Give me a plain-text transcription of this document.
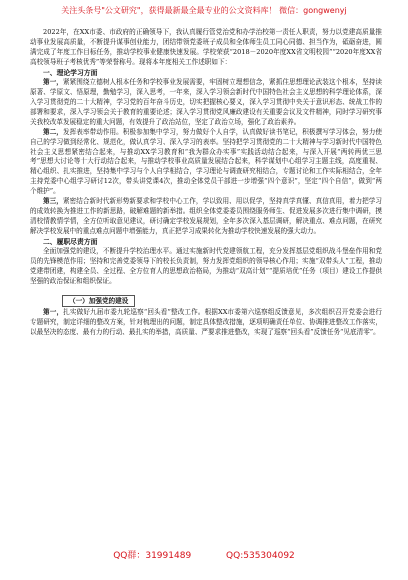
关注头条号"公文研究"，获得最新最全最专业的公文资料库！ 微信：gongwenyj

2022年，在XX市委、市政府的正确领导下，我认真履行管党治党和办学治校第一责任人职责，努力以党建高质量推动事业发展高质量，不断提升谋事创业能力，团结带领党委班子成员和全体师生员工同心同德、担当作为，砥砺奋进，圆满完成了年度工作目标任务，推动学校事业健康快速发展。学校荣获“2018－2020年度XX省文明校园”“2020年度XX省高校领导班子考核优秀”等荣誉称号。现将本年度相关工作述职如下：

一、理论学习方面

第一，紧紧围绕立德树人根本任务和学校事业发展需要，牢固树立理想信念，紧抓住思想理论武装这个根本，坚持读原著、学原文、悟原理，勤勉学习，深入思考，一年来，深入学习领会新时代中国特色社会主义思想的科学理论体系，深入学习贯彻党的二十大精神，学习党的百年奋斗历史，切实把握核心要义，深入学习贯彻中央关于意识形态、统战工作的部署和要求，深入学习领会关于教育的重要论述；深入学习贯彻党风廉政建设有关重要会议及文件精神，同时学习研究事关我校改革发展稳定的重大问题，有效提升了政治站位，坚定了政治立场，强化了政治素养。

第二，发挥表率带动作用。积极参加集中学习，努力做好个人自学，认真做好读书笔记，积极撰写学习体会，努力使自己的学习做到经常化、规范化，做认真学习、深入学习的表率。坚持把学习贯彻党的二十大精神与学习新时代中国特色社会主义思想紧密结合起来，与推动XX学习教育和“我为群众办实事”实践活动结合起来，与深入开展“两转两优三思考”思想大讨论等十大行动结合起来，与推动学校事业高质量发展结合起来，科学谋划中心组学习主题主线，高度重视、精心组织、扎实推进，坚持集中学习与个人自学相结合，学习理论与调查研究相结合，专题讨论和工作实际相结合，全年主持党委中心组学习研讨12次，带头讲党课4次，推动全体党员干部进一步增强“四个意识”，坚定“四个自信”，做到“两个维护”。

第三，紧密结合新时代新形势新要求和学校中心工作，学以致用、用以促学，坚持真学真懂、真信真用，着力把学习的成效转换为推进工作的新思路，破解难题的新举措。组织全体党委委员围绕服务师生、促进发展多次进行集中调研，摸清校情教情学情，全方位听取意见建议，研讨确定学校发展规划，全年多次深入基层调研，解决重点、难点问题，在研究解决学校发展中的重点难点问题中增强能力，真正把学习成果转化为推动学校快速发展的强大动力。

二、履职尽责方面

全面加强党的建设，不断提升学校治理水平。通过实施新时代党建领航工程，充分发挥基层党组织战斗堡垒作用和党员的先锋模范作用；坚持和完善党委领导下的校长负责制，努力发挥党组织的领导核心作用；实施“双带头人”工程，推动党建带团建，构建全员、全过程、全方位育人的思想政治格局，为推动“双高计划”“提质培优”任务（项目）建设工作提供坚强的政治保证和组织保证。

（一）加强党的建设

第一，扎实做好九届市委九轮巡察“回头看”整改工作。根据XX市委第六巡察组反馈意见，多次组织召开党委会进行专题研究，制定详细的整改方案，针对梳理出的问题，制定具体整改措施，逐项明确责任单位、协调推进整改工作落实，以最坚决的态度、最有力的行动、最扎实的举措，高质量、严要求推进整改，实现了巡察“回头看”反馈任务“见底清零”。

QQ群：31991489	QQ:535304092
